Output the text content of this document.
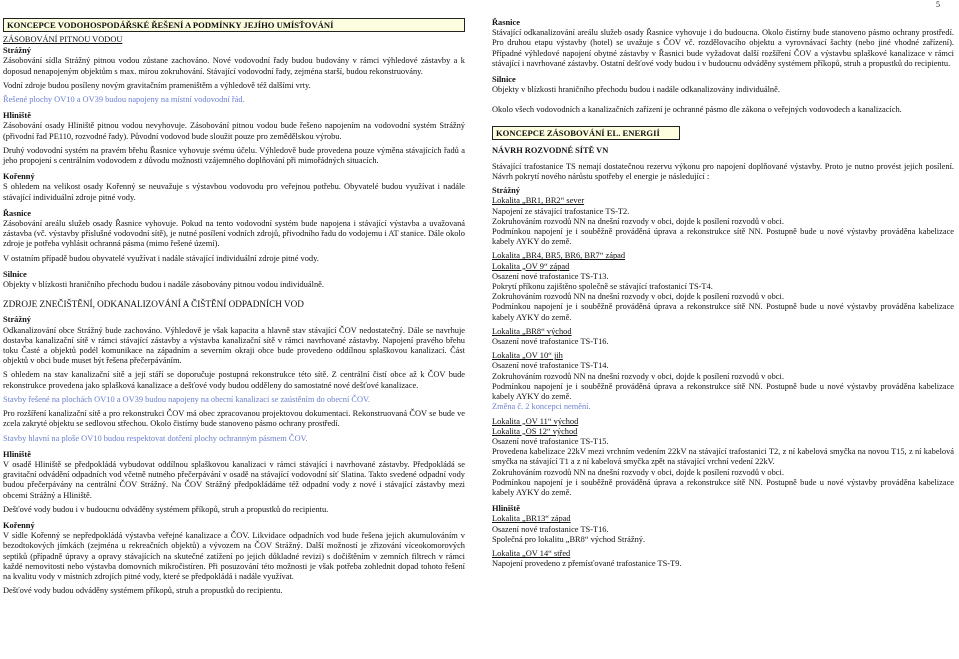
5
KONCEPCE VODOHOSPODÁŘSKÉ ŘEŠENÍ A PODMÍNKY JEJÍHO UMÍSŤOVÁNÍ
ZÁSOBOVÁNÍ PITNOU VODOU
Strážný

Zásobování sídla Strážný pitnou vodou zůstane zachováno. Nové vodovodní řady budou budovány v rámci výhledové zástavby a k doposud nenapojeným objektům s max. mírou zokruhování. Stávající vodovodní řady, zejména starší, budou rekonstruovány.

Vodní zdroje budou posíleny novým gravitačním prameništěm a výhledově též dalšími vrty.

Řešené plochy OV10 a OV39 budou napojeny na místní vodovodní řád.

Hliniště

Zásobování osady Hliniště pitnou vodou nevyhovuje. Zásobování pitnou vodou bude řešeno napojením na vodovodní systém Strážný (přivodní řad PE110, rozvodné řady). Původní vodovod bude sloužit pouze pro zemědělskou výrobu.

Druhý vodovodní systém na pravém břehu Řasnice vyhovuje svému účelu. Výhledově bude provedena pouze výměna stávajících řadů a jeho propojení s centrálním vodovodem z důvodu možnosti vzájemného doplňování při mimořádných situacích.

Kořenný

S ohledem na velikost osady Kořenný se neuvažuje s výstavbou vodovodu pro veřejnou potřebu. Obyvatelé budou využívat i nadále stávající individuální zdroje pitné vody.

Řasnice

Zásobování areálu služeb osady Řasnice vyhovuje. Pokud na tento vodovodní systém bude napojena i stávající výstavba a uvažovaná zástavba (vč. výstavby příslušné vodovodní sítě), je nutné posílení vodních zdrojů, přivodního řadu do vodojemu i AT stanice. Dále okolo zdroje je potřeba vyhlásit ochranná pásma (mimo řešené území).

V ostatním případě budou obyvatelé využívat i nadále stávající individuální zdroje pitné vody.

Silnice

Objekty v blízkosti hraničního přechodu budou i nadále zásobovány pitnou vodou individuálně.

ZDROJE ZNEČIŠTĚNÍ, ODKANALIZOVÁNÍ A ČIŠTĚNÍ ODPADNÍCH VOD
Strážný

Odkanalizování obce Strážný bude zachováno. Výhledově je však kapacita a hlavně stav stávající ČOV nedostatečný. Dále se navrhuje dostavba kanalizační sítě v rámci stávající zástavby a výstavba kanalizační sítě v rámci navrhované zástavby. Napojení pravého břehu toku Časté a objektů podél komunikace na západním a severním okraji obce bude provedeno oddílnou splaškovou kanalizací. Část objektů v obci bude muset být řešena přečerpáváním.

S ohledem na stav kanalizační sítě a její stáří se doporučuje postupná rekonstrukce této sítě. Z centrální čistí obce až k ČOV bude rekonstrukce provedena jako splašková kanalizace a dešťové vody budou odděleny do samostatné nové dešťové kanalizace.

Stavby řešené na plochách OV10 a OV39 budou napojeny na obecní kanalizaci se zaústěním do obecní ČOV.

Pro rozšíření kanalizační sítě a pro rekonstrukci ČOV má obec zpracovanou projektovou dokumentaci. Rekonstruovaná ČOV se bude ve zcela zakryté objektu se sedlovou střechou. Okolo čistírny bude stanoveno pásmo ochrany prostředí.

Stavby hlavní na ploše OV10 budou respektovat dotčení plochy ochranným pásmem ČOV.

Hliniště

V osadě Hliniště se předpokládá vybudovat oddílnou splaškovou kanalizaci v rámci stávající i navrhované zástavby. Předpokládá se gravitační odvádění odpadních vod včetně nutného přečerpávání v osadě na stávající vodovodní síť Slatina. Takto svedené odpadní vody budou přečerpávány na centrální ČOV Strážný. Na ČOV Strážný předpokládáme též odpadní vody z nové i stávající zástavby mezi obcemi Strážný a Hliniště.

Dešťové vody budou i v budoucnu odváděny systémem příkopů, struh a propustků do recipientu.

Kořenný

V sídle Kořenný se nepředpokládá výstavba veřejné kanalizace a ČOV. Likvidace odpadních vod bude řešena jejich akumulováním v bezodtokových jímkách (zejména u rekreačních objektů) a vývozem na ČOV Strážný. Další možností je zřizování víceokomorových septiků (případně úpravy a opravy stávajících na skutečné zatížení po jejich důkladné revizi) s dočištěním v zemních filtrech v rámci každé nemovitosti nebo výstavba domovních mikročistíren. Při posuzování této možnosti je však potřeba zohlednit dopad tohoto řešení na kvalitu vody v místních zdrojích pitné vody, které se předpokládá i nadále využívat.

Dešťové vody budou odváděny systémem příkopů, struh a propustků do recipientu.

Řasnice

Stávající odkanalizování areálu služeb osady Řasnice vyhovuje i do budoucna. Okolo čistírny bude stanoveno pásmo ochrany prostředí. Pro druhou etapu výstavby (hotel) se uvažuje s ČOV vč. rozdělovacího objektu a vyrovnávací šachty (nebo jiné vhodné zařízení). Případné výhledové napojení obytné zástavby v Řasnici bude vyžadovat další rozšíření ČOV a výstavbu splaškové kanalizace v rámci stávající i navrhované zástavby. Ostatní dešťové vody budou i v budoucnu odváděny systémem příkopů, struh a propustků do recipientu.

Silnice

Objekty v blízkosti hraničního přechodu budou i nadále odkanalizovány individuálně.

Okolo všech vodovodních a kanalizačních zařízení je ochranné pásmo dle zákona o veřejných vodovodech a kanalizacích.

KONCEPCE ZÁSOBOVÁNÍ EL. ENERGIÍ
NÁVRH ROZVODNÉ SÍTĚ VN

Stávající trafostanice TS nemají dostatečnou rezervu výkonu pro napojení doplňované výstavby. Proto je nutno provést jejich posílení. Návrh pokrytí nového nárůstu spotřeby el energie je následující :

Strážný
Lokalita „BR1, BR2“ sever
Napojení ze stávající trafostanice TS-T2.
Zokruhováním rozvodů NN na dnešní rozvody v obci, dojde k posílení rozvodů v obci.

Podmínkou napojení je i souběžně prováděná úprava a rekonstrukce sítě NN. Postupně bude u nové výstavby prováděna kabelizace kabely AYKY do země.

Lokalita „BR4, BR5, BR6, BR7“ západ
Lokalita „OV 9“ západ
Osazení nové trafostanice TS-T13.
Pokrytí příkonu zajištěno společně se stávající trafostanicí TS-T4.
Zokruhováním rozvodů NN na dnešní rozvody v obci, dojde k posílení rozvodů v obci.

Podmínkou napojení je i souběžně prováděná úprava a rekonstrukce sítě NN. Postupně bude u nové výstavby prováděna kabelizace kabely AYKY do země.

Lokalita „BR8“ východ

Osazení nové trafostanice TS-T16.

Lokalita „OV 10“ jih
Osazení nové trafostanice TS-T14.
Zokruhováním rozvodů NN na dnešní rozvody v obci, dojde k posílení rozvodů v obci.
Podmínkou napojení je i souběžně prováděná úprava a rekonstrukce sítě NN. Postupně bude u nové výstavby prováděna kabelizace kabely AYKY do země.

Změna č. 2 koncepci nemění.

Lokalita „OV 11“ východ
Lokalita „OS 12“ východ
Osazení nové trafostanice TS-T15.
Provedena kabelizace 22kV mezi vrchním vedením 22kV na stávající trafostanici T2, z ní kabelová smyčka na novou T15, z ní kabelová smyčka na stávající T1 a z ní kabelová smyčka zpět na stávající vrchní vedení 22kV.
Zokruhováním rozvodů NN na dnešní rozvody v obci, dojde k posílení rozvodů v obci.

Podmínkou napojení je i souběžně prováděná úprava a rekonstrukce sítě NN. Postupně bude u nové výstavby prováděna kabelizace kabely AYKY do země.

Hliniště
Lokalita „BR13“ západ
Osazení nové trafostanice TS-T16.

Společná pro lokalitu „BR8“ východ Strážný.

Lokalita „OV 14“ střed
Napojení provedeno z přemísťované trafostanice TS-T9.
